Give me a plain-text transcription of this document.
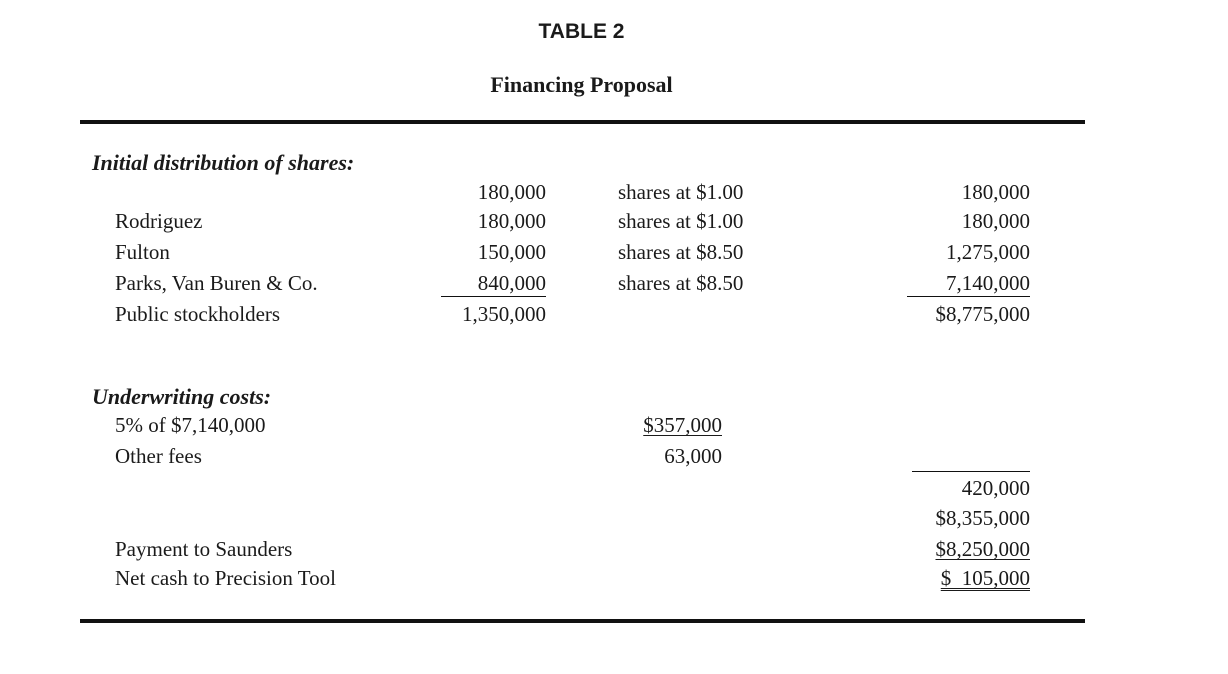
TABLE 2
Financing Proposal
Initial distribution of shares:
Rodriguez
Fulton
Parks, Van Buren & Co.
Public stockholders
180,000
180,000
150,000
840,000
1,350,000
shares at $1.00
shares at $1.00
shares at $8.50
shares at $8.50
180,000
180,000
1,275,000
7,140,000
$8,775,000
Underwriting costs:
5% of $7,140,000
Other fees
$357,000
63,000
420,000
$8,355,000
Payment to Saunders
Net cash to Precision Tool
$8,250,000
$  105,000
